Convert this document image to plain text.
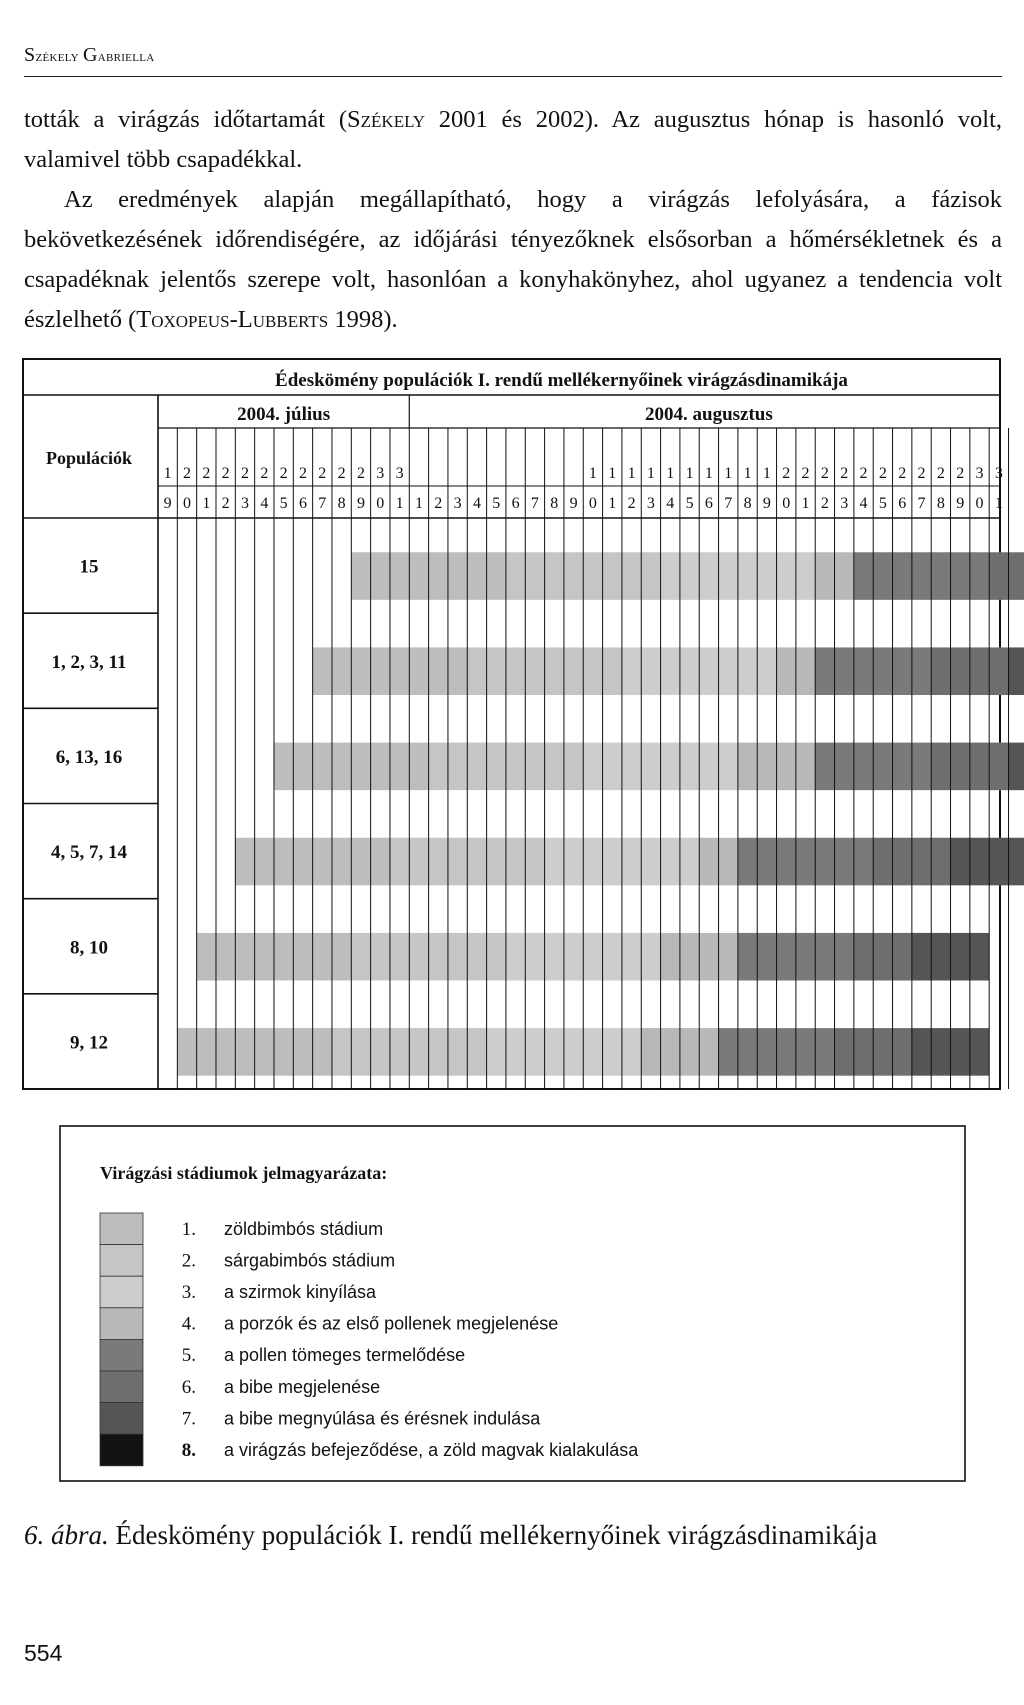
Székely Gabriella

tották a virágzás időtartamát (Székely 2001 és 2002). Az augusztus hónap is hasonló volt, valamivel több csapadékkal.

Az eredmények alapján megállapítható, hogy a virágzás lefolyására, a fázisok bekövetkezésének időrendiségére, az időjárási tényezőknek elsősorban a hőmérsékletnek és a csapadéknak jelentős szerepe volt, hasonlóan a konyhakönyhez, ahol ugyanez a tendencia volt észlelhető (Toxopeus-Lubberts 1998).

Édeskömény populációk I. rendű mellékernyőinek virágzásdinamikája
Populációk
2004. július	2004. augusztus
1
9
2
0
2
1
2
2
2
3
2
4
2
5
2
6
2
7
2
8
2
9
3
0
3
1 1 2 3 4 5 6 7 8 9
1
0
1
1
1
2
1
3
1
4
1
5
1
6
1
7
1
8
1
9
2
0
2
1
2
2
2
3
2
4
2
5
2
6
2
7
2
8
2
9
3
0
3
1
15
1, 2, 3, 11
6, 13, 16
4, 5, 7, 14
8, 10
9, 12
Virágzási stádiumok jelmagyarázata:
1. zöldbimbós stádium
2. sárgabimbós stádium
3. a szirmok kinyílása
4. a porzók és az első pollenek megjelenése
5. a pollen tömeges termelődése
6. a bibe megjelenése
7. a bibe megnyúlása és érésnek indulása
8. a virágzás befejeződése, a zöld magvak kialakulása
6. ábra. Édeskömény populációk I. rendű mellékernyőinek virágzásdinamikája
554
